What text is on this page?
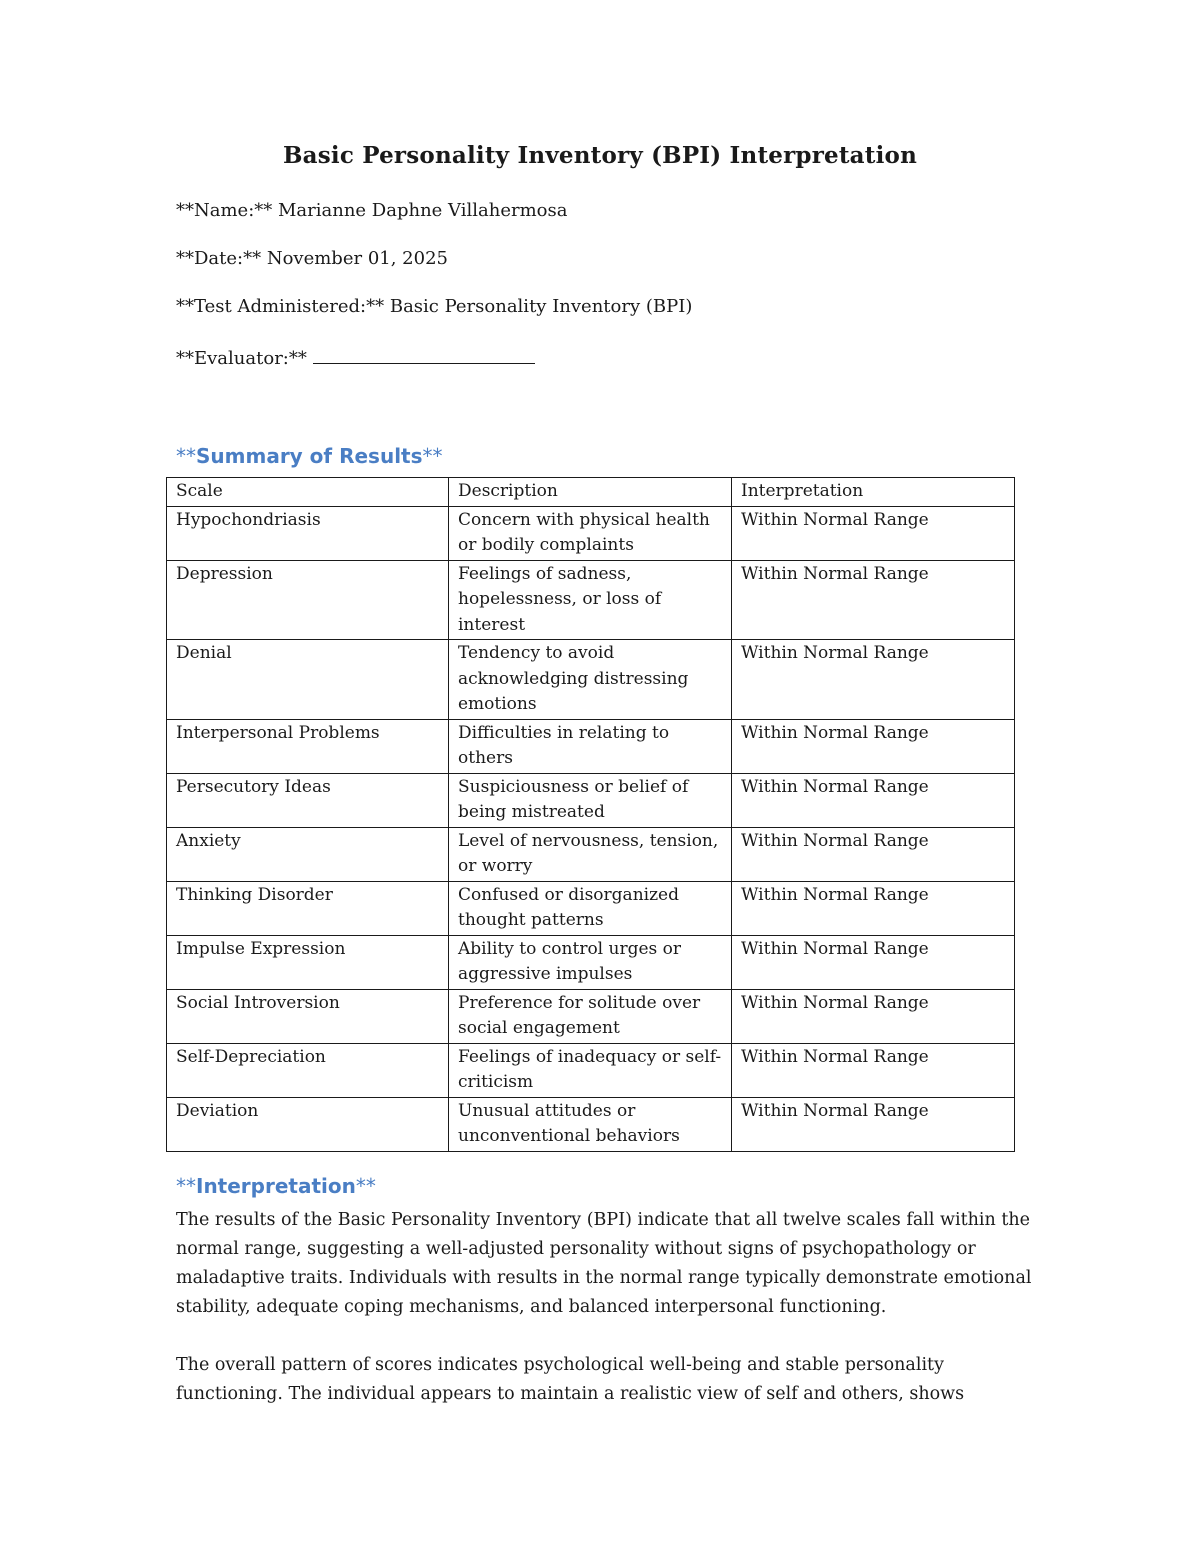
Basic Personality Inventory (BPI) Interpretation
**Name:** Marianne Daphne Villahermosa
**Date:** November 01, 2025
**Test Administered:** Basic Personality Inventory (BPI)
**Evaluator:**
**Summary of Results**
Scale	Description	Interpretation
Hypochondriasis	Concern with physical health or bodily complaints	Within Normal Range
Depression	Feelings of sadness, hopelessness, or loss of interest	Within Normal Range
Denial	Tendency to avoid acknowledging distressing emotions	Within Normal Range
Interpersonal Problems	Difficulties in relating to others	Within Normal Range
Persecutory Ideas	Suspiciousness or belief of being mistreated	Within Normal Range
Anxiety	Level of nervousness, tension, or worry	Within Normal Range
Thinking Disorder	Confused or disorganized thought patterns	Within Normal Range
Impulse Expression	Ability to control urges or aggressive impulses	Within Normal Range
Social Introversion	Preference for solitude over social engagement	Within Normal Range
Self-Depreciation	Feelings of inadequacy or self-criticism	Within Normal Range
Deviation	Unusual attitudes or unconventional behaviors	Within Normal Range
**Interpretation**
The results of the Basic Personality Inventory (BPI) indicate that all twelve scales fall within the normal range, suggesting a well-adjusted personality without signs of psychopathology or maladaptive traits. Individuals with results in the normal range typically demonstrate emotional stability, adequate coping mechanisms, and balanced interpersonal functioning.
The overall pattern of scores indicates psychological well-being and stable personality functioning. The individual appears to maintain a realistic view of self and others, shows
